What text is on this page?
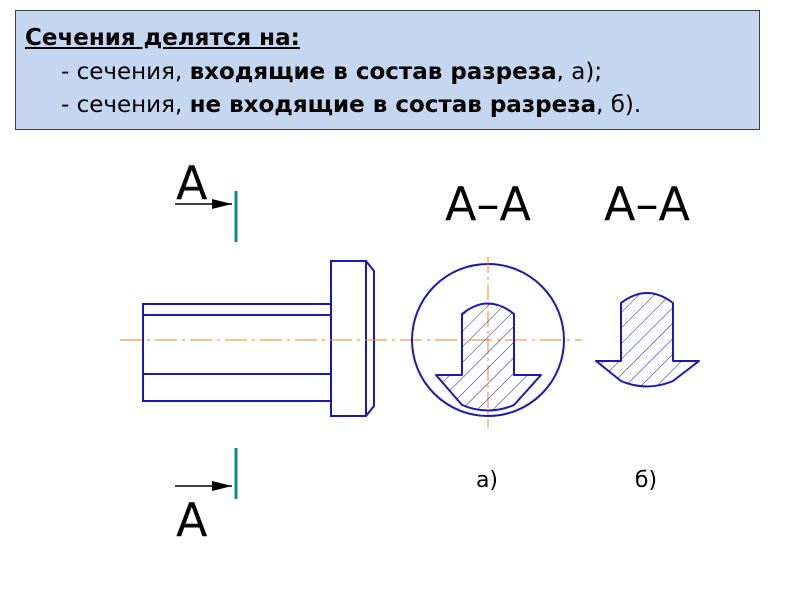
Сечения делятся на:
- сечения, входящие в состав разреза, а);
- сечения, не входящие в состав разреза, б).
А
А
А–А
а)
А–А
б)
